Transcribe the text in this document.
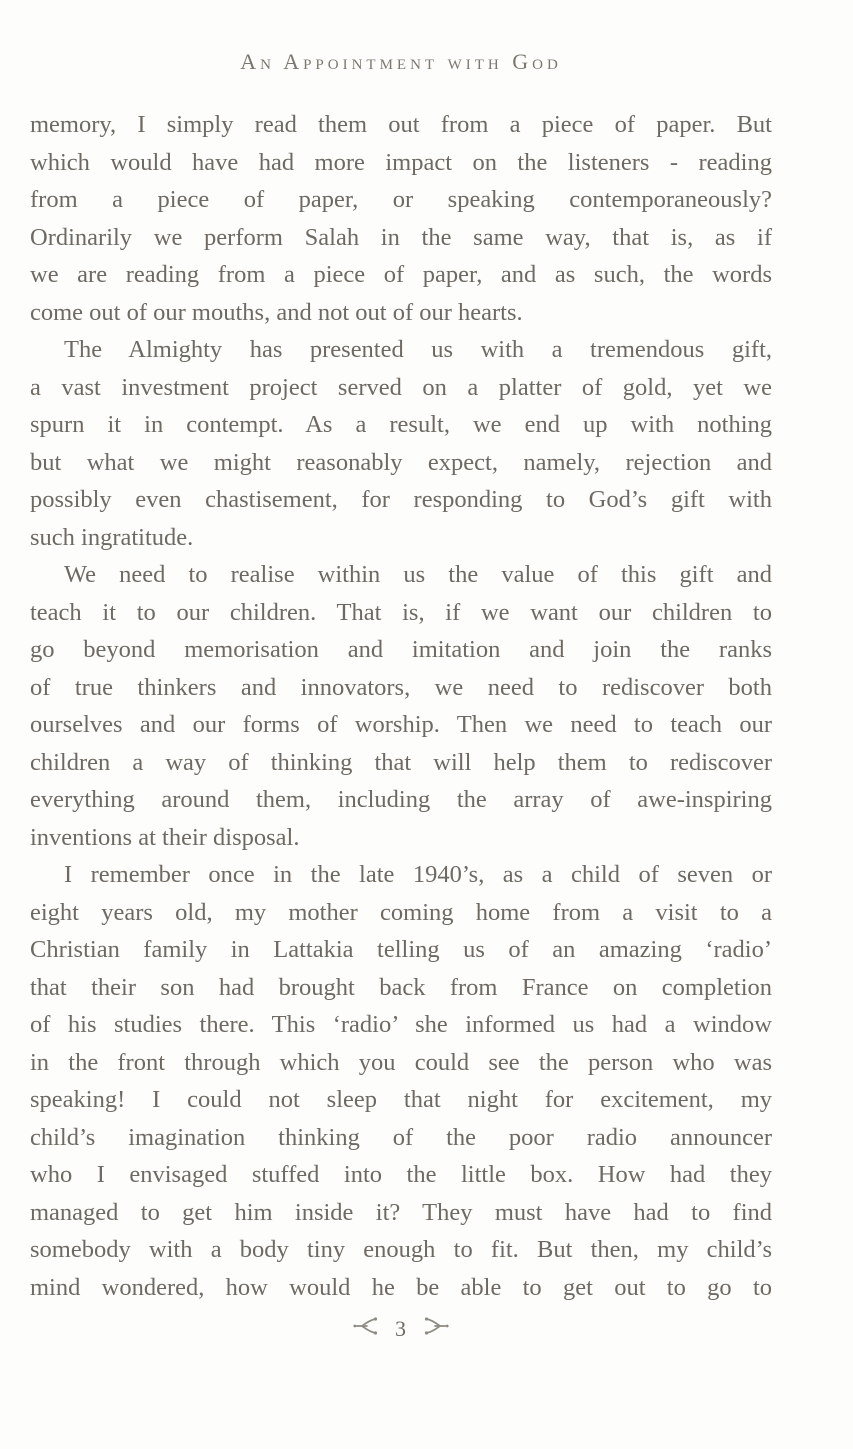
An Appointment with God
memory, I simply read them out from a piece of paper. But
which would have had more impact on the listeners - reading
from a piece of paper, or speaking contemporaneously?
Ordinarily we perform Salah in the same way, that is, as if
we are reading from a piece of paper, and as such, the words
come out of our mouths, and not out of our hearts.
The Almighty has presented us with a tremendous gift,
a vast investment project served on a platter of gold, yet we
spurn it in contempt. As a result, we end up with nothing
but what we might reasonably expect, namely, rejection and
possibly even chastisement, for responding to God’s gift with
such ingratitude.
We need to realise within us the value of this gift and
teach it to our children. That is, if we want our children to
go beyond memorisation and imitation and join the ranks
of true thinkers and innovators, we need to rediscover both
ourselves and our forms of worship. Then we need to teach our
children a way of thinking that will help them to rediscover
everything around them, including the array of awe-inspiring
inventions at their disposal.
I remember once in the late 1940’s, as a child of seven or
eight years old, my mother coming home from a visit to a
Christian family in Lattakia telling us of an amazing ‘radio’
that their son had brought back from France on completion
of his studies there. This ‘radio’ she informed us had a window
in the front through which you could see the person who was
speaking! I could not sleep that night for excitement, my
child’s imagination thinking of the poor radio announcer
who I envisaged stuffed into the little box. How had they
managed to get him inside it? They must have had to find
somebody with a body tiny enough to fit. But then, my child’s
mind wondered, how would he be able to get out to go to
3
